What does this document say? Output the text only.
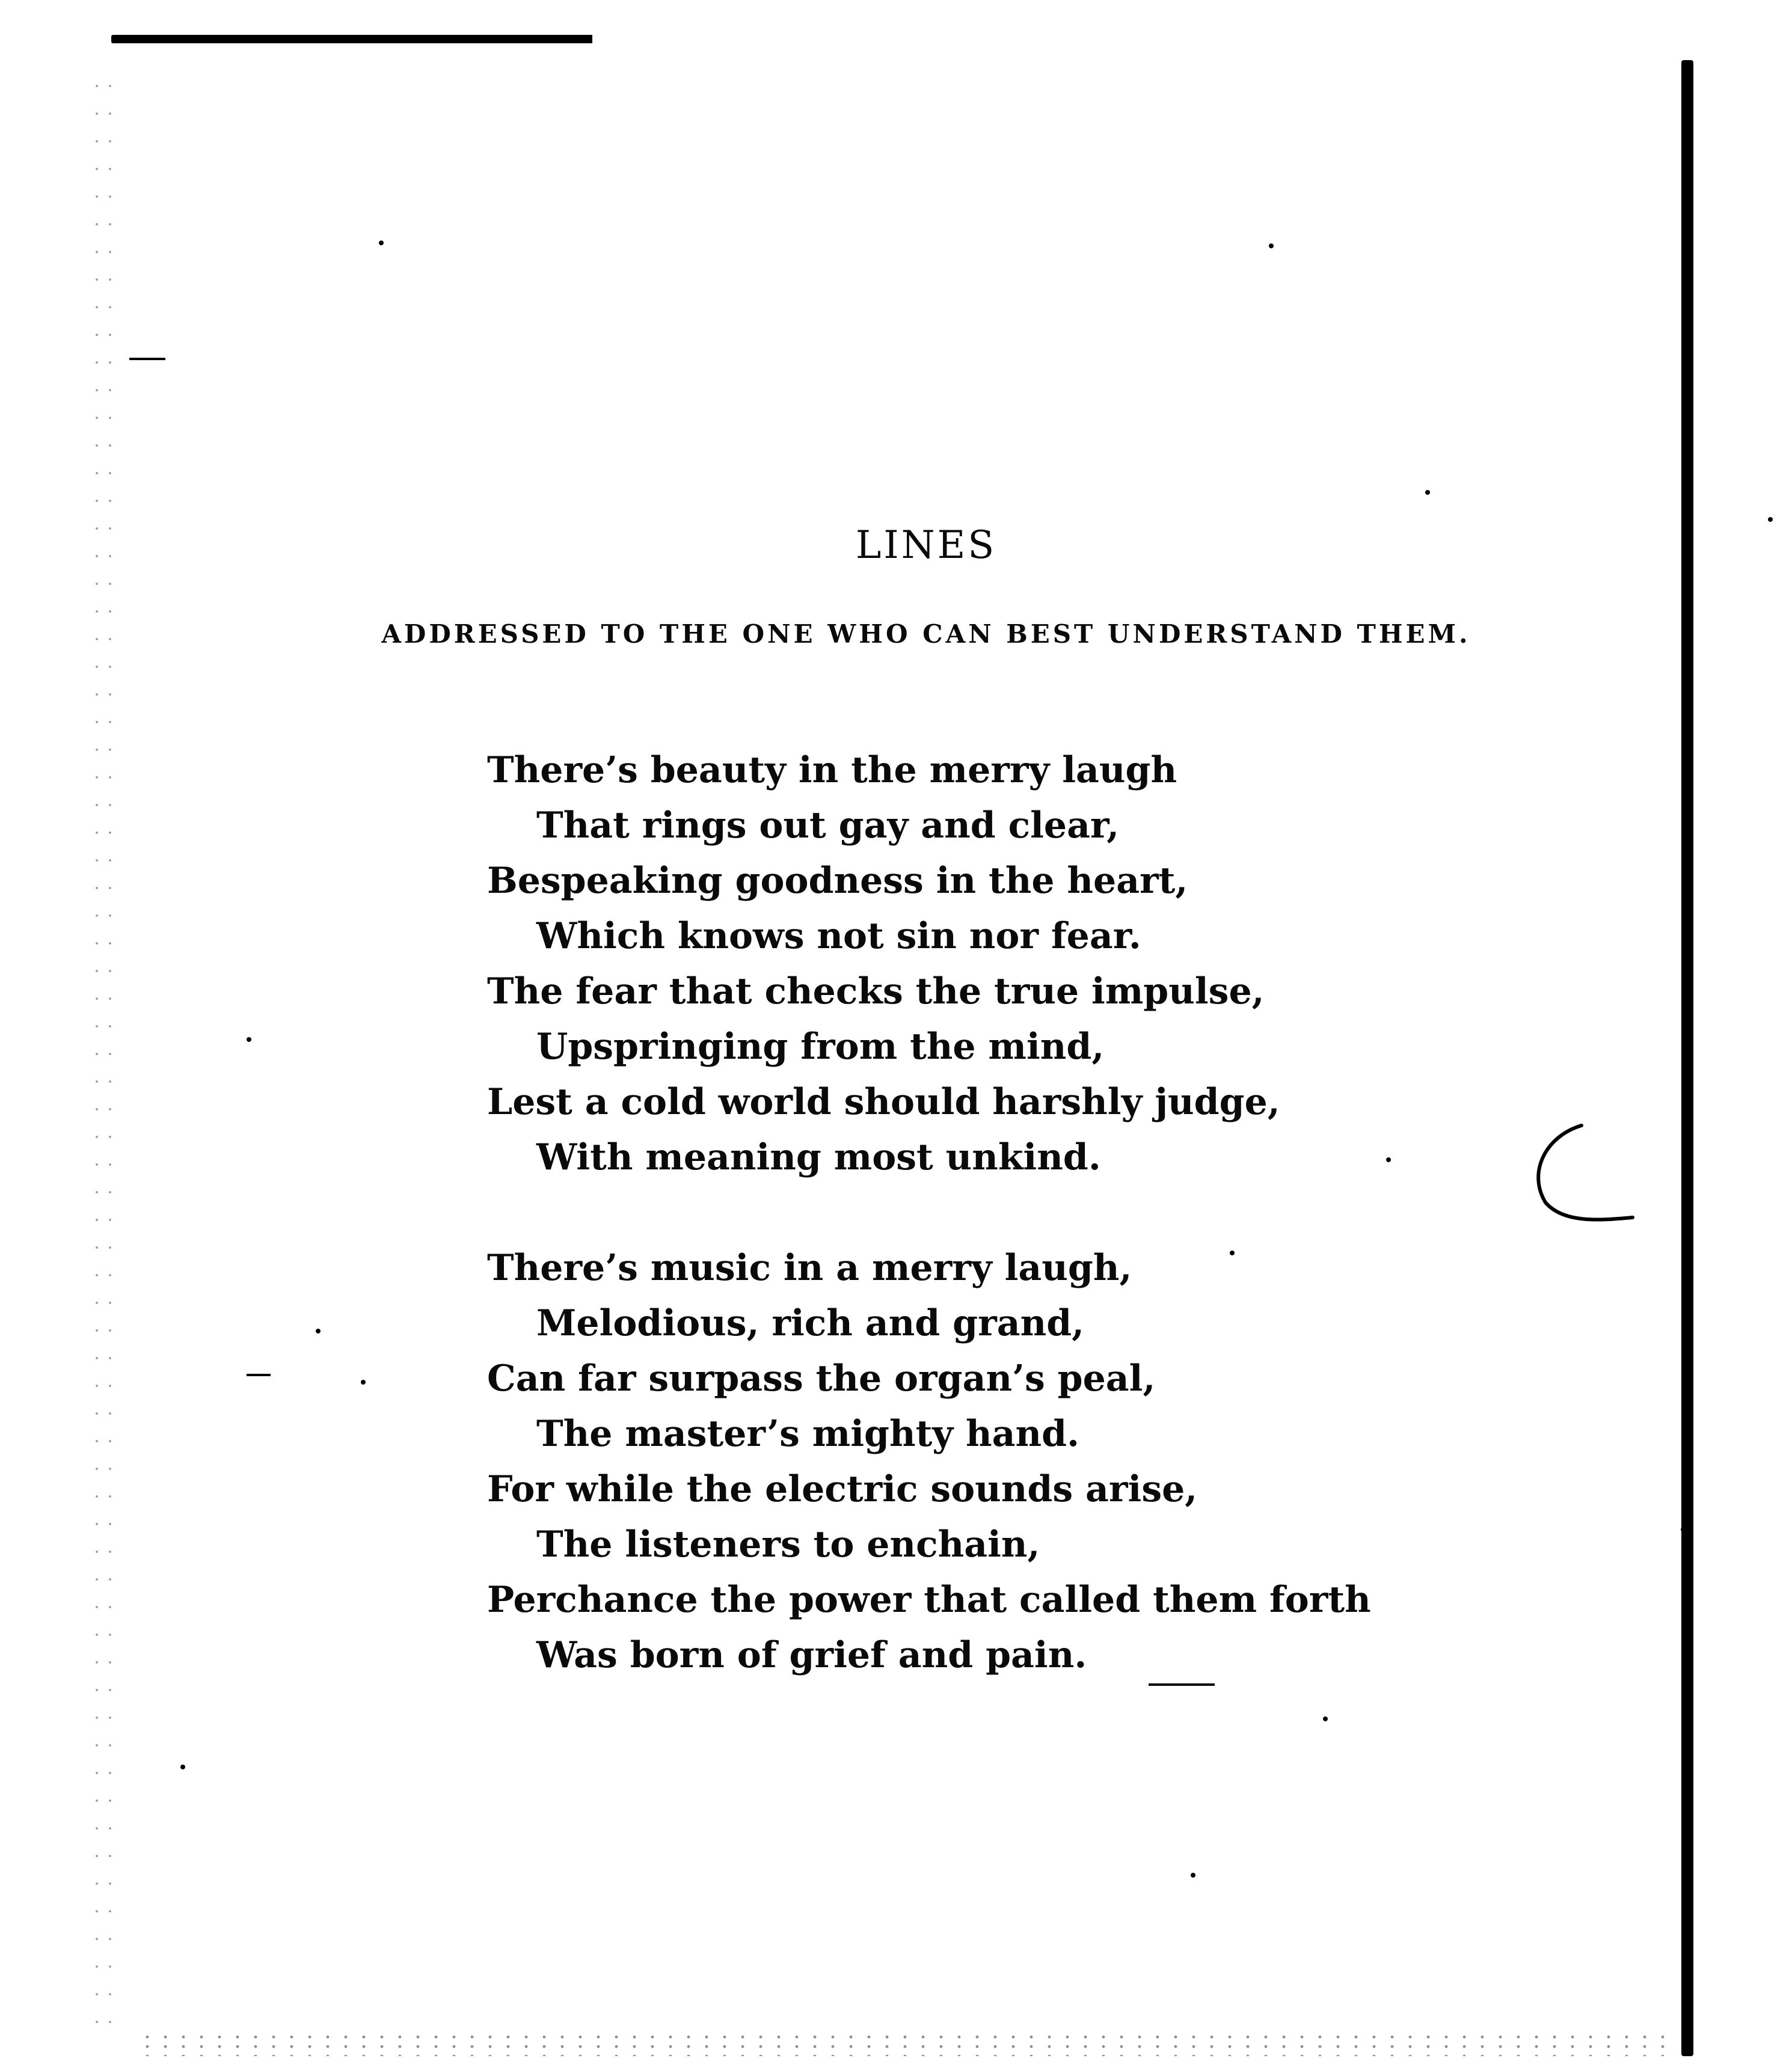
LINES

ADDRESSED TO THE ONE WHO CAN BEST UNDERSTAND THEM.

There’s beauty in the merry laugh
That rings out gay and clear,
Bespeaking goodness in the heart,
Which knows not sin nor fear.
The fear that checks the true impulse,
Upspringing from the mind,
Lest a cold world should harshly judge,
With meaning most unkind.

There’s music in a merry laugh,
Melodious, rich and grand,
Can far surpass the organ’s peal,
The master’s mighty hand.
For while the electric sounds arise,
The listeners to enchain,
Perchance the power that called them forth
Was born of grief and pain.
